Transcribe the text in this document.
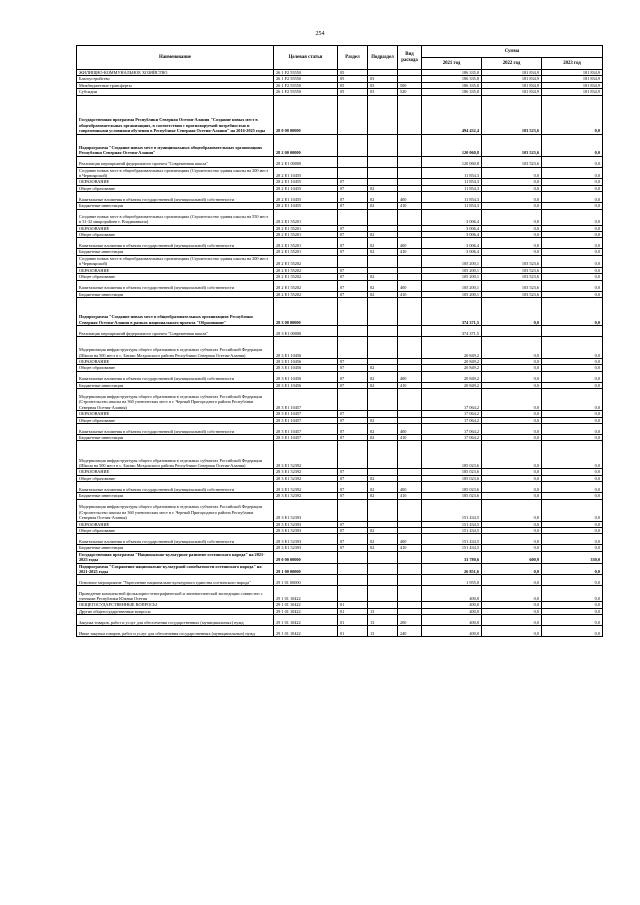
254
Наименование	Целевая статья	Раздел	Подраздел	Вид расхода	Сумма		
					2021 год	2022 год	2023 год
ЖИЛИЩНО-КОММУНАЛЬНОЕ ХОЗЯЙСТВО	26 1 F2 55550	05			186 335,8	181 834,9	181 834,9
Благоустройство	26 1 F2 55550	05	03		186 335,8	181 834,9	181 834,9
Межбюджетные трансферты	26 1 F2 55550	05	03	500	186 335,8	181 834,9	181 834,9
Субсидии	26 1 F2 55550	05	03	520	186 335,8	181 834,9	181 834,9
Государственная программа Республики Северная Осетия-Алания "Создание новых мест в общеобразовательных организациях, в соответствии с прогнозируемой потребностью и современными условиями обучения в Республике Северная Осетия-Алания" на 2016-2025 годы	28 0 00 00000				494 432,4	103 523,6	0,0
Подпрограмма "Создание новых мест в муниципальных общеобразовательных организациях Республики Северная Осетия-Алания"	28 2 00 00000				120 060,8	103 523,6	0,0
Реализация мероприятий федерального проекта "Современная школа"	28 2 E1 00000				120 060,8	103 523,6	0,0
Создание новых мест в общеобразовательных организациях (Строительство здания школы на 200 мест в Черноярской)	28 2 E1 10455				11 854,3	0,0	0,0
ОБРАЗОВАНИЕ	28 2 E1 10455	07			11 854,3	0,0	0,0
Общее образование	28 2 E1 10455	07	02		11 854,3	0,0	0,0
Капитальные вложения в объекты государственной (муниципальной) собственности	28 2 E1 10455	07	02	400	11 854,3	0,0	0,0
Бюджетные инвестиции	28 2 E1 10455	07	02	410	11 854,3	0,0	0,0
Создание новых мест в общеобразовательных организациях (Строительство здания школы на 550 мест в 31-32 микрорайоне г. Владикавказа)	28 2 E1 55201				3 006,4	0,0	0,0
ОБРАЗОВАНИЕ	28 2 E1 55201	07			3 006,4	0,0	0,0
Общее образование	28 2 E1 55201	07	02		3 006,4	0,0	0,0
Капитальные вложения в объекты государственной (муниципальной) собственности	28 2 E1 55201	07	02	400	3 006,4	0,0	0,0
Бюджетные инвестиции	28 2 E1 55201	07	02	410	3 006,4	0,0	0,0
Создание новых мест в общеобразовательных организациях (Строительство здания школы на 200 мест в Черноярской)	28 2 E1 55202				105 200,1	103 523,6	0,0
ОБРАЗОВАНИЕ	28 2 E1 55202	07			105 200,1	103 523,6	0,0
Общее образование	28 2 E1 55202	07	02		105 200,1	103 523,6	0,0
Капитальные вложения в объекты государственной (муниципальной) собственности	28 2 E1 55202	07	02	400	105 200,1	103 523,6	0,0
Бюджетные инвестиции	28 2 E1 55202	07	02	410	105 200,1	103 523,6	0,0
Подпрограмма "Создание новых мест в общеобразовательных организациях Республики Северная Осетия-Алания в рамках национального проекта "Образование"	28 3 00 00000				374 371,5	0,0	0,0
Реализация мероприятий федерального проекта "Современная школа"	28 3 E1 00000				374 371,5		
Модернизация инфраструктуры общего образования в отдельных субъектах Российской Федерации (Школа на 500 мест в с. Батако Моздокского района Республики Северная Осетия-Алания)	28 3 E1 10456				20 849,2	0,0	0,0
ОБРАЗОВАНИЕ	28 3 E1 10456	07			20 849,2	0,0	0,0
Общее образование	28 3 E1 10456	07	02		20 849,2	0,0	0,0
Капитальные вложения в объекты государственной (муниципальной) собственности	28 3 E1 10456	07	02	400	20 849,2	0,0	0,0
Бюджетные инвестиции	28 3 E1 10456	07	02	410	20 849,2	0,0	0,0
Модернизация инфраструктуры общего образования в отдельных субъектах Российской Федерации (Строительство школы на 360 ученических мест в г. Черный Пригородного района Республики Северная Осетия-Алания)	28 3 E1 10457				17 064,2	0,0	0,0
ОБРАЗОВАНИЕ	28 3 E1 10457	07			17 064,2	0,0	0,0
Общее образование	28 3 E1 10457	07	02		17 064,2	0,0	0,0
Капитальные вложения в объекты государственной (муниципальной) собственности	28 3 E1 10457	07	02	400	17 064,2	0,0	0,0
Бюджетные инвестиции	28 3 E1 10457	07	02	410	17 064,2	0,0	0,0
Модернизация инфраструктуры общего образования в отдельных субъектах Российской Федерации (Школа на 500 мест в с. Батако Моздокского района Республики Северная Осетия-Алания)	28 3 E1 52392				185 023,6	0,0	0,0
ОБРАЗОВАНИЕ	28 3 E1 52392	07			185 023,6	0,0	0,0
Общее образование	28 3 E1 52392	07	02		185 023,6	0,0	0,0
Капитальные вложения в объекты государственной (муниципальной) собственности	28 3 E1 52392	07	02	400	185 023,6	0,0	0,0
Бюджетные инвестиции	28 3 E1 52392	07	02	410	185 023,6	0,0	0,0
Модернизация инфраструктуры общего образования в отдельных субъектах Российской Федерации (Строительство школы на 360 ученических мест в г. Черный Пригородного района Республики Северная Осетия-Алания)	28 3 E1 52393				151 434,5	0,0	0,0
ОБРАЗОВАНИЕ	28 3 E1 52393	07			151 434,5	0,0	0,0
Общее образование	28 3 E1 52393	07	02		151 434,5	0,0	0,0
Капитальные вложения в объекты государственной (муниципальной) собственности	28 3 E1 52393	07	02	400	151 434,5	0,0	0,0
Бюджетные инвестиции	28 3 E1 52393	07	02	410	151 434,5	0,0	0,0
Государственная программа "Национально-культурное развитие осетинского народа" на 2021-2025 годы	29 0 00 00000				33 780,6	600,9	330,0
Подпрограмма "Сохранение национально-культурной самобытности осетинского народа" на 2021-2025 годы	29 1 00 00000				26 851,6	0,0	0,0
Основное мероприятие "Укрепление национально-культурного единства осетинского народа"	29 1 01 00000				1 955,0	0,0	0,0
Проведение комплексной фольклорно-этнографической и лингвистической экспедиции совместно с учеными Республики Южная Осетия	29 1 01 10422				400,0	0,0	0,0
ОБЩЕГОСУДАРСТВЕННЫЕ ВОПРОСЫ	29 1 01 10422	01			400,0	0,0	0,0
Другие общегосударственные вопросы	29 1 01 10422	01	13		400,0	0,0	0,0
Закупка товаров, работ и услуг для обеспечения государственных (муниципальных) нужд	29 1 01 10422	01	13	200	400,0	0,0	0,0
Иные закупки товаров, работ и услуг для обеспечения государственных (муниципальных) нужд	29 1 01 10422	01	13	240	400,0	0,0	0,0
